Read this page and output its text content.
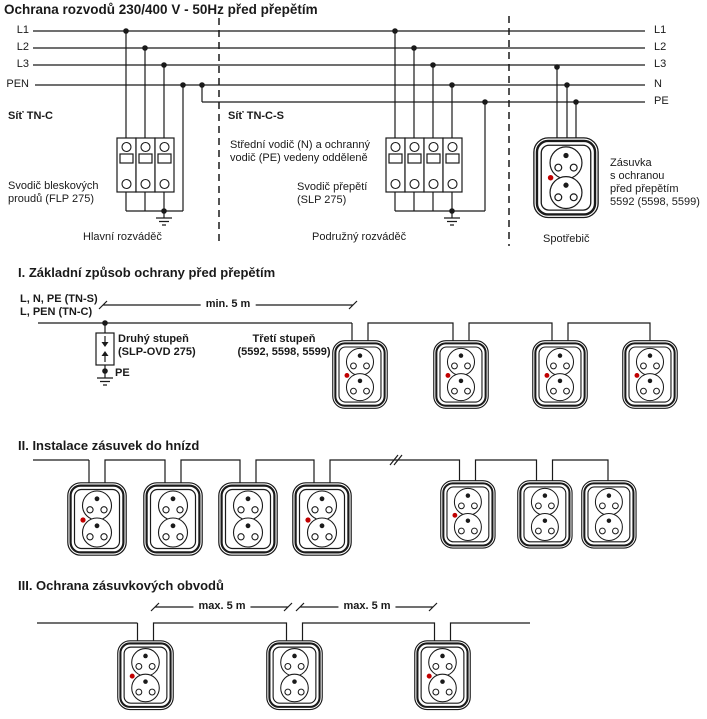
Ochrana rozvodů 230/400 V - 50Hz před přepětím
L1
L2
L3
PEN
L1
L2
L3
N
PE
Síť TN-C	Síť TN-C-S
Svodič bleskových
proudů (FLP 275)
Střední vodič (N) a ochranný
vodič (PE) vedeny odděleně
Svodič přepětí
(SLP 275)
Hlavní rozváděč	Podružný rozváděč
Zásuvka
s ochranou
před přepětím
5592 (5598, 5599)
Spotřebič
I. Základní způsob ochrany před přepětím
L, N, PE (TN-S)
L, PEN (TN-C)
min. 5 m
Druhý stupeň
(SLP-OVD 275)
Třetí stupeň
(5592, 5598, 5599)
PE
II. Instalace zásuvek do hnízd
III. Ochrana zásuvkových obvodů
max. 5 m	max. 5 m
